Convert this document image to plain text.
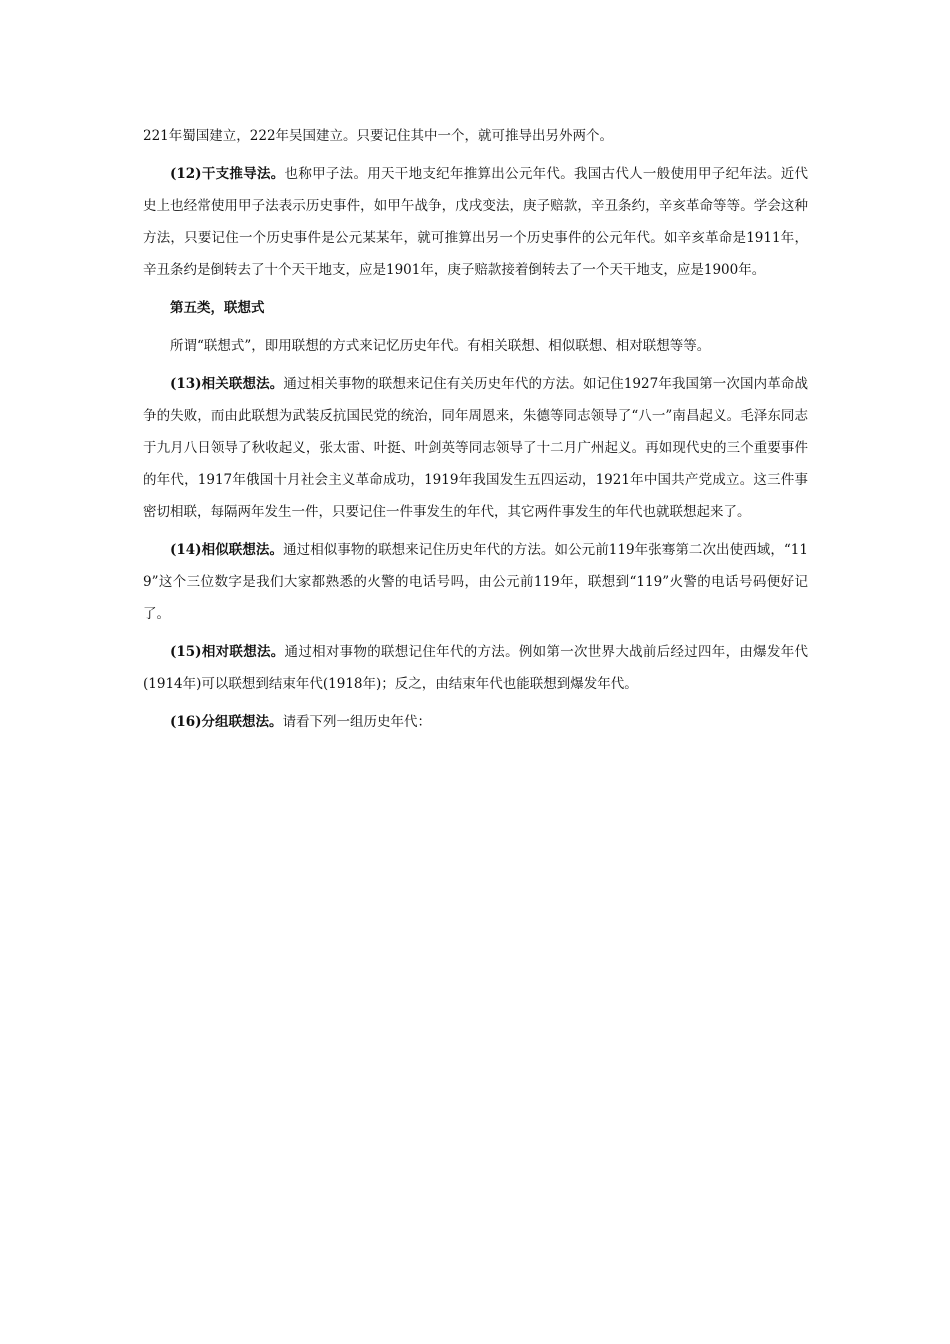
221年蜀国建立，222年吴国建立。只要记住其中一个，就可推导出另外两个。

(12)干支推导法。也称甲子法。用天干地支纪年推算出公元年代。我国古代人一般使用甲子纪年法。近代史上也经常使用甲子法表示历史事件，如甲午战争，戊戌变法，庚子赔款，辛丑条约，辛亥革命等等。学会这种方法，只要记住一个历史事件是公元某某年，就可推算出另一个历史事件的公元年代。如辛亥革命是1911年，辛丑条约是倒转去了十个天干地支，应是1901年，庚子赔款接着倒转去了一个天干地支，应是1900年。

第五类，联想式

所谓“联想式”，即用联想的方式来记忆历史年代。有相关联想、相似联想、相对联想等等。

(13)相关联想法。通过相关事物的联想来记住有关历史年代的方法。如记住1927年我国第一次国内革命战争的失败，而由此联想为武装反抗国民党的统治，同年周恩来，朱德等同志领导了“八一”南昌起义。毛泽东同志于九月八日领导了秋收起义，张太雷、叶挺、叶剑英等同志领导了十二月广州起义。再如现代史的三个重要事件的年代，1917年俄国十月社会主义革命成功，1919年我国发生五四运动，1921年中国共产党成立。这三件事密切相联，每隔两年发生一件，只要记住一件事发生的年代，其它两件事发生的年代也就联想起来了。

(14)相似联想法。通过相似事物的联想来记住历史年代的方法。如公元前119年张骞第二次出使西域，“119”这个三位数字是我们大家都熟悉的火警的电话号吗，由公元前119年，联想到“119”火警的电话号码便好记了。

(15)相对联想法。通过相对事物的联想记住年代的方法。例如第一次世界大战前后经过四年，由爆发年代(1914年)可以联想到结束年代(1918年)；反之，由结束年代也能联想到爆发年代。

(16)分组联想法。请看下列一组历史年代：
